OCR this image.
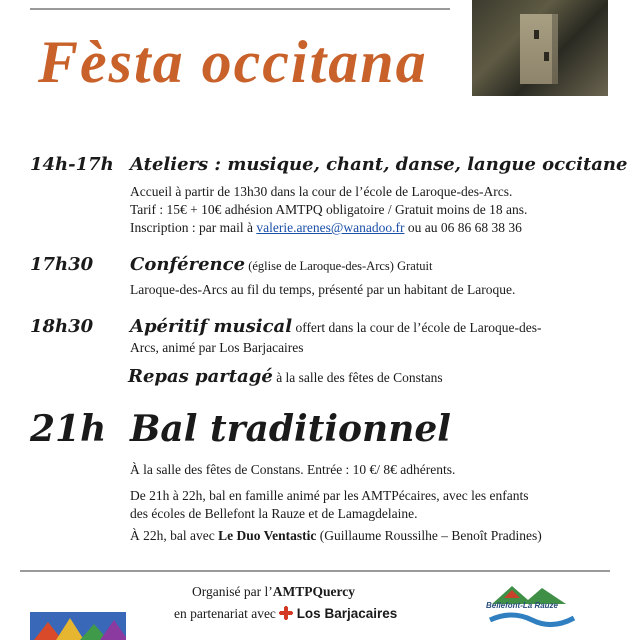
Fèsta occitana
14h-17h Ateliers : musique, chant, danse, langue occitane
Accueil à partir de 13h30 dans la cour de l’école de Laroque-des-Arcs.
Tarif : 15€ + 10€ adhésion AMTPQ obligatoire / Gratuit moins de 18 ans.
Inscription : par mail à valerie.arenes@wanadoo.fr ou au 06 86 68 38 36
17h30 Conférence (église de Laroque-des-Arcs) Gratuit
Laroque-des-Arcs au fil du temps, présenté par un habitant de Laroque.
18h30 Apéritif musical offert dans la cour de l’école de Laroque-des-
Arcs, animé par Los Barjacaires
Repas partagé à la salle des fêtes de Constans
21h Bal traditionnel
À la salle des fêtes de Constans. Entrée : 10 €/ 8€ adhérents.
De 21h à 22h, bal en famille animé par les AMTPécaires, avec les enfants
des écoles de Bellefont la Rauze et de Lamagdelaine.
À 22h, bal avec Le Duo Ventastic (Guillaume Roussilhe – Benoît Pradines)
Organisé par l’AMTPQuercy
en partenariat avec  Los Barjacaires
Bellefont-La Rauze
